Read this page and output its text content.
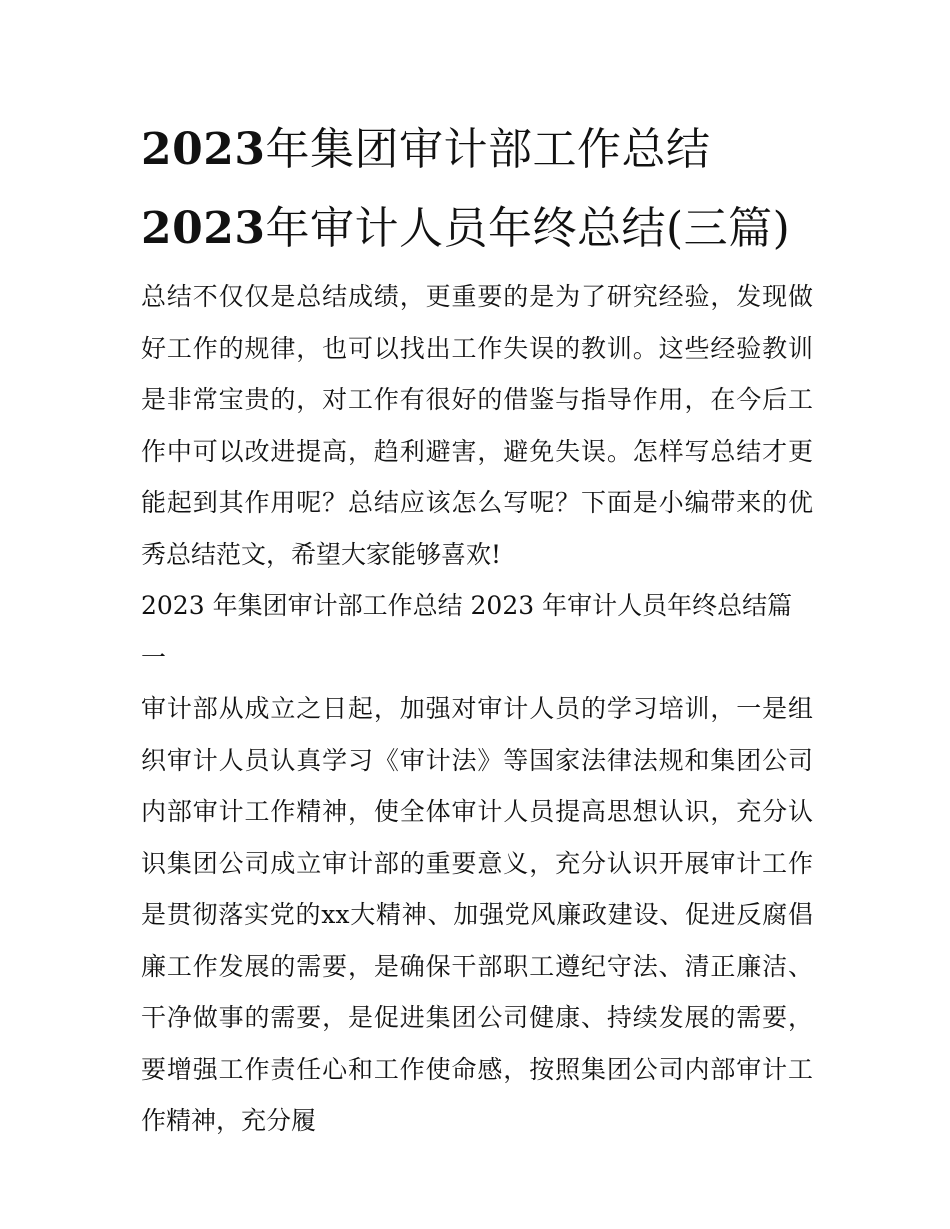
2023年集团审计部工作总结
2023年审计人员年终总结(三篇)

总结不仅仅是总结成绩，更重要的是为了研究经验，发现做好工作的规律，也可以找出工作失误的教训。这些经验教训是非常宝贵的，对工作有很好的借鉴与指导作用，在今后工作中可以改进提高，趋利避害，避免失误。怎样写总结才更能起到其作用呢？总结应该怎么写呢？下面是小编带来的优秀总结范文，希望大家能够喜欢!

2023 年集团审计部工作总结 2023 年审计人员年终总结篇一

审计部从成立之日起，加强对审计人员的学习培训，一是组织审计人员认真学习《审计法》等国家法律法规和集团公司内部审计工作精神，使全体审计人员提高思想认识，充分认识集团公司成立审计部的重要意义，充分认识开展审计工作是贯彻落实党的xx大精神、加强党风廉政建设、促进反腐倡廉工作发展的需要，是确保干部职工遵纪守法、清正廉洁、干净做事的需要，是促进集团公司健康、持续发展的需要，要增强工作责任心和工作使命感，按照集团公司内部审计工作精神，充分履
